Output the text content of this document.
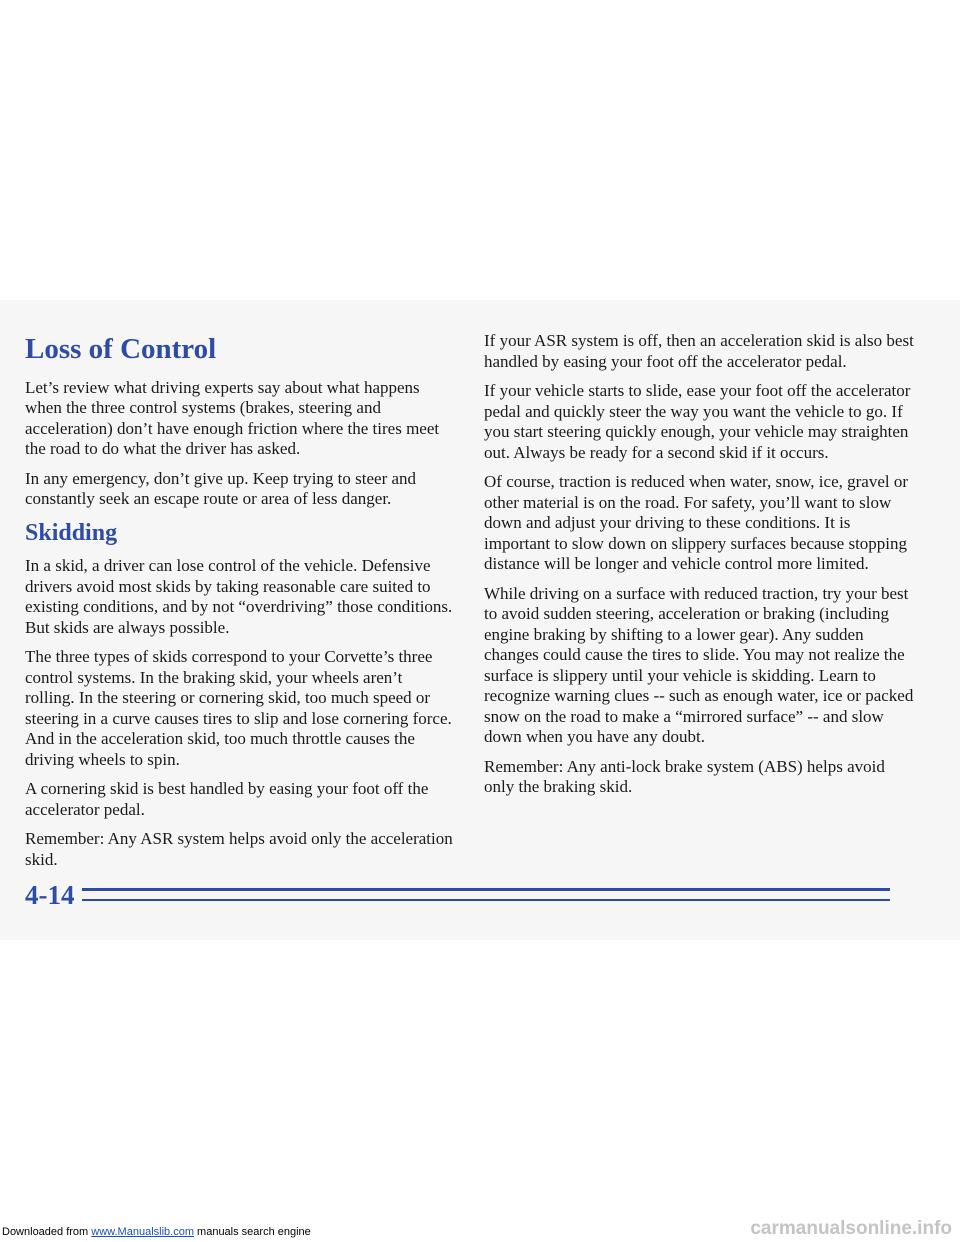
Loss of Control

Let’s review what driving experts say about what happens when the three control systems (brakes, steering and acceleration) don’t have enough friction where the tires meet the road to do what the driver has asked.

In any emergency, don’t give up. Keep trying to steer and constantly seek an escape route or area of less danger.

Skidding

In a skid, a driver can lose control of the vehicle. Defensive drivers avoid most skids by taking reasonable care suited to existing conditions, and by not “overdriving” those conditions. But skids are always possible.

The three types of skids correspond to your Corvette’s three control systems. In the braking skid, your wheels aren’t rolling. In the steering or cornering skid, too much speed or steering in a curve causes tires to slip and lose cornering force. And in the acceleration skid, too much throttle causes the driving wheels to spin.

A cornering skid is best handled by easing your foot off the accelerator pedal.

Remember: Any ASR system helps avoid only the acceleration skid.

If your ASR system is off, then an acceleration skid is also best handled by easing your foot off the accelerator pedal.

If your vehicle starts to slide, ease your foot off the accelerator pedal and quickly steer the way you want the vehicle to go. If you start steering quickly enough, your vehicle may straighten out. Always be ready for a second skid if it occurs.

Of course, traction is reduced when water, snow, ice, gravel or other material is on the road. For safety, you’ll want to slow down and adjust your driving to these conditions. It is important to slow down on slippery surfaces because stopping distance will be longer and vehicle control more limited.

While driving on a surface with reduced traction, try your best to avoid sudden steering, acceleration or braking (including engine braking by shifting to a lower gear). Any sudden changes could cause the tires to slide. You may not realize the surface is slippery until your vehicle is skidding. Learn to recognize warning clues -- such as enough water, ice or packed snow on the road to make a “mirrored surface” -- and slow down when you have any doubt.

Remember: Any anti-lock brake system (ABS) helps avoid only the braking skid.

4-14
Downloaded from www.Manualslib.com manuals search engine	carmanualsonline.info
